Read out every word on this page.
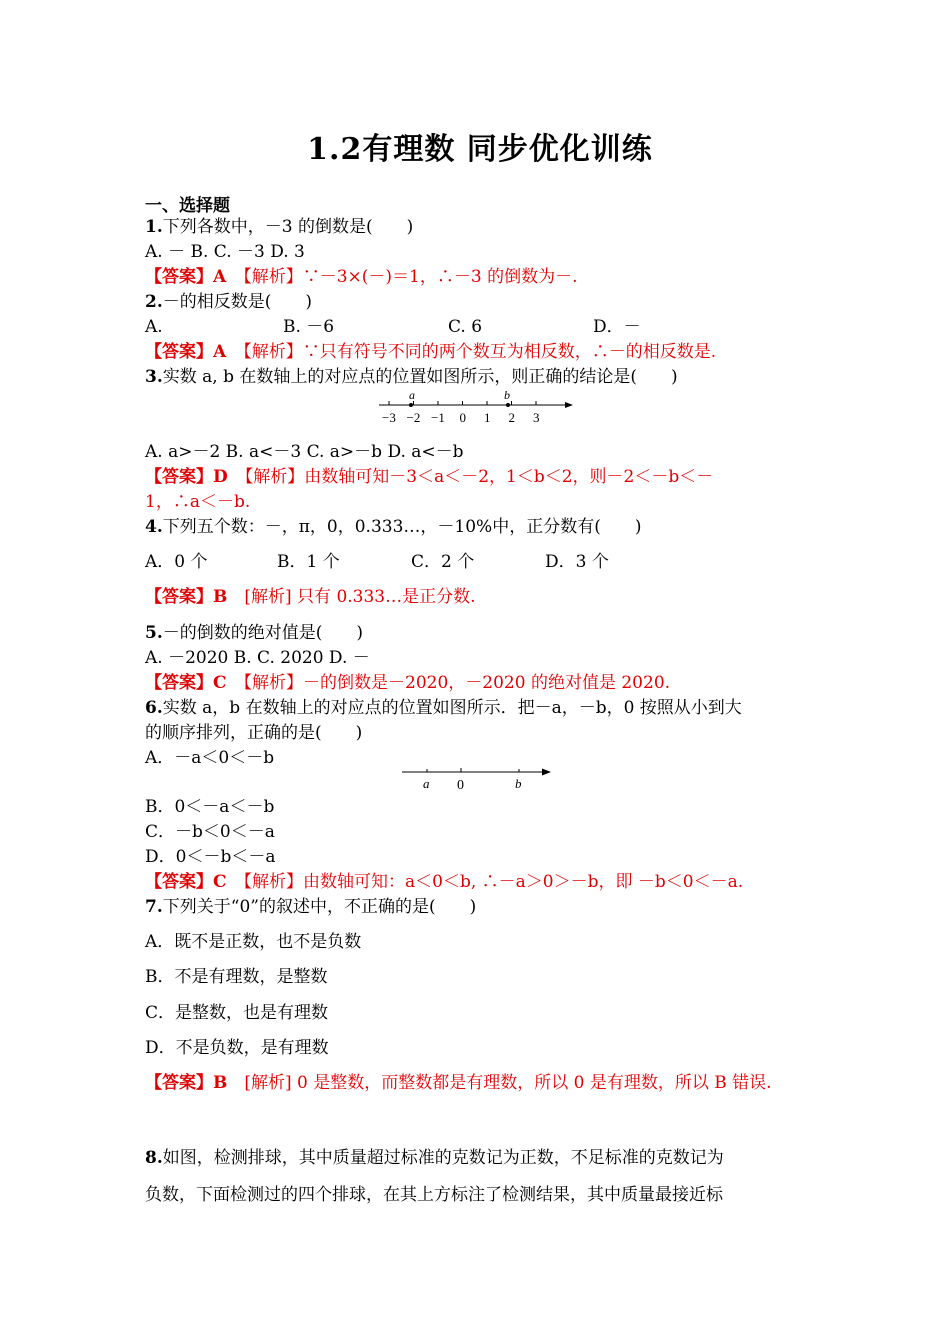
1.2有理数 同步优化训练
一、选择题
1.下列各数中，－3 的倒数是(　　)
A. － B. C. －3 D. 3
【答案】A　 【解析】∵－3×(－)＝1，∴－3 的倒数为－.
2.－的相反数是(　　)
A.	B. －6	C. 6	D．－
【答案】A　 【解析】∵只有符号不同的两个数互为相反数，∴－的相反数是.
3.实数 a, b 在数轴上的对应点的位置如图所示，则正确的结论是(　　)
−3 −2 −1 0 1 2 3
a	b
A. a>－2 B. a<－3 C. a>－b D. a<－b
【答案】D　 【解析】由数轴可知－3＜a＜－2，1＜b＜2，则－2＜－b＜－
1，∴a＜－b.
4.下列五个数：－，π，0，0.333…，－10%中，正分数有(　　)
A．0 个	B．1 个	C．2 个	D．3 个
【答案】B　 [解析] 只有 0.333…是正分数.
5.－的倒数的绝对值是(　　)
A. －2020 B. C. 2020 D. －
【答案】C　 【解析】－的倒数是－2020，－2020 的绝对值是 2020.
6.实数 a，b 在数轴上的对应点的位置如图所示．把－a，－b，0 按照从小到大
的顺序排列，正确的是(　　)
A．－a＜0＜－b
a 0	b
B．0＜－a＜－b
C．－b＜0＜－a
D．0＜－b＜－a
【答案】C　 【解析】由数轴可知：a＜0＜b, ∴－a＞0＞－b，即 －b＜0＜－a.
7.下列关于“0”的叙述中，不正确的是(　　)
A．既不是正数，也不是负数
B．不是有理数，是整数
C．是整数，也是有理数
D．不是负数，是有理数
【答案】B　 [解析] 0 是整数，而整数都是有理数，所以 0 是有理数，所以 B 错误.
8.如图，检测排球，其中质量超过标准的克数记为正数，不足标准的克数记为
负数，下面检测过的四个排球，在其上方标注了检测结果，其中质量最接近标
